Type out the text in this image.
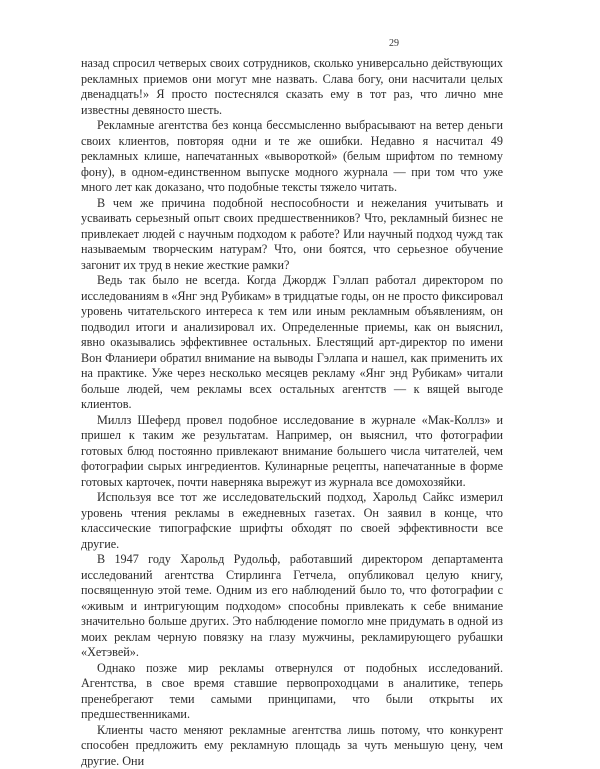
29

назад спросил четверых своих сотрудников, сколько универсально действующих рекламных приемов они могут мне назвать. Слава богу, они насчитали целых двенадцать!» Я просто постеснялся сказать ему в тот раз, что лично мне известны девяносто шесть.

Рекламные агентства без конца бессмысленно выбрасывают на ветер деньги своих клиентов, повторяя одни и те же ошибки. Недавно я насчитал 49 рекламных клише, напечатанных «вывороткой» (белым шрифтом по темному фону), в одном-единственном выпуске модного журнала — при том что уже много лет как доказано, что подобные тексты тяжело читать.

В чем же причина подобной неспособности и нежелания учитывать и усваивать серьезный опыт своих предшественников? Что, рекламный бизнес не привлекает людей с научным подходом к работе? Или научный подход чужд так называемым творческим натурам? Что, они боятся, что серьезное обучение загонит их труд в некие жесткие рамки?

Ведь так было не всегда. Когда Джордж Гэллап работал директором по исследованиям в «Янг энд Рубикам» в тридцатые годы, он не просто фиксировал уровень читательского интереса к тем или иным рекламным объявлениям, он подводил итоги и анализировал их. Определенные приемы, как он выяснил, явно оказывались эффективнее остальных. Блестящий арт-директор по имени Вон Фланиери обратил внимание на выводы Гэллапа и нашел, как применить их на практике. Уже через несколько месяцев рекламу «Янг энд Рубикам» читали больше людей, чем рекламы всех остальных агентств — к вящей выгоде клиентов.

Миллз Шеферд провел подобное исследование в журнале «Мак-Коллз» и пришел к таким же результатам. Например, он выяснил, что фотографии готовых блюд постоянно привлекают внимание большего числа читателей, чем фотографии сырых ингредиентов. Кулинарные рецепты, напечатанные в форме готовых карточек, почти наверняка вырежут из журнала все домохозяйки.

Используя все тот же исследовательский подход, Харольд Сайкс измерил уровень чтения рекламы в ежедневных газетах. Он заявил в конце, что классические типографские шрифты обходят по своей эффективности все другие.

В 1947 году Харольд Рудольф, работавший директором департамента исследований агентства Стирлинга Гетчела, опубликовал целую книгу, посвященную этой теме. Одним из его наблюдений было то, что фотографии с «живым и интригующим подходом» способны привлекать к себе внимание значительно больше других. Это наблюдение помогло мне придумать в одной из моих реклам черную повязку на глазу мужчины, рекламирующего рубашки «Хетэвей».

Однако позже мир рекламы отвернулся от подобных исследований. Агентства, в свое время ставшие первопроходцами в аналитике, теперь пренебрегают теми самыми принципами, что были открыты их предшественниками.

Клиенты часто меняют рекламные агентства лишь потому, что конкурент способен предложить ему рекламную площадь за чуть меньшую цену, чем другие. Они
